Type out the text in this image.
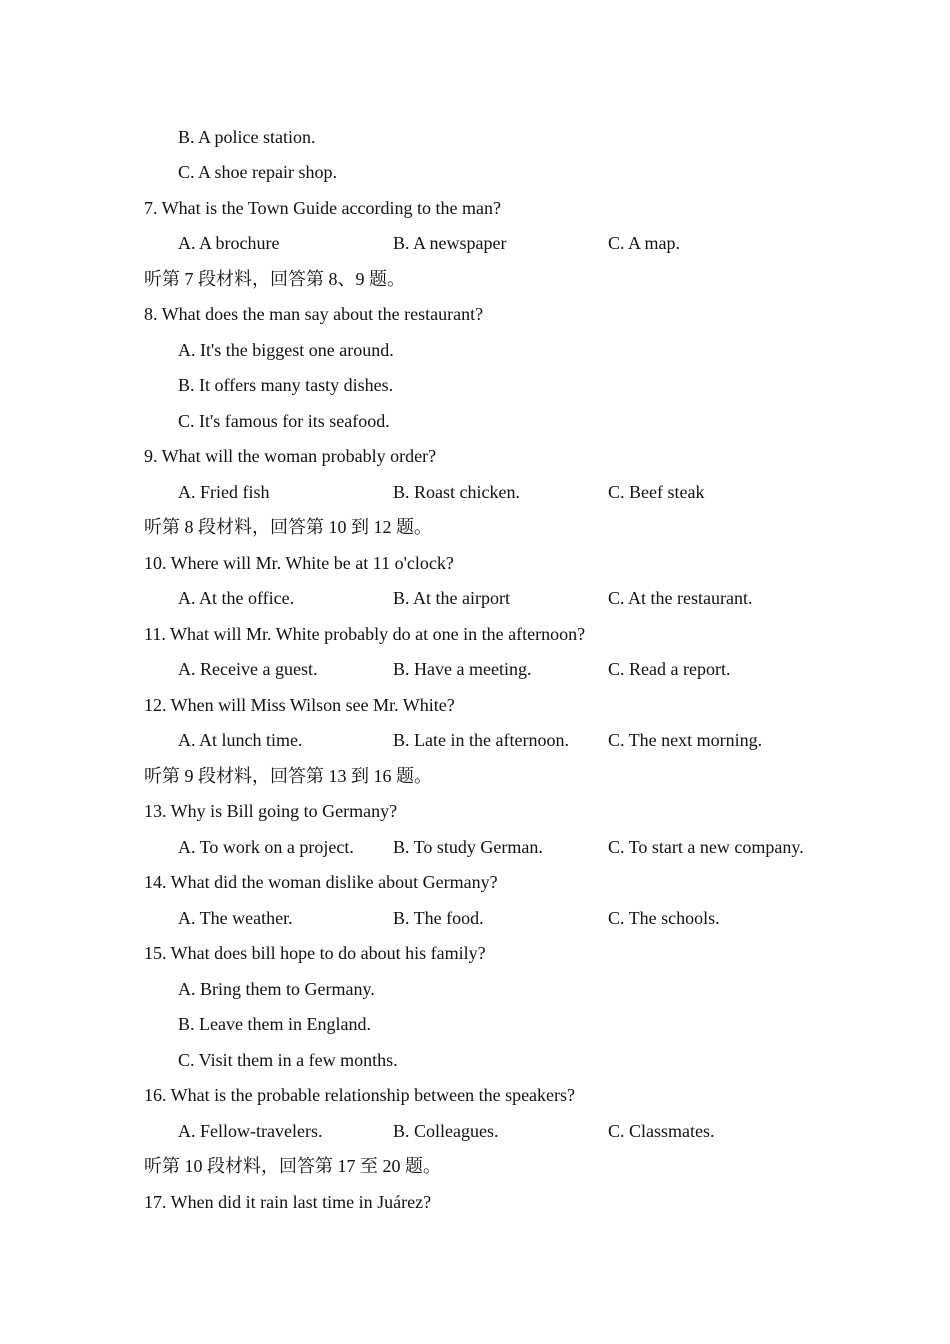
B. A police station.
C. A shoe repair shop.
7. What is the Town Guide according to the man?
A. A brochure	B. A newspaper	C. A map.
听第 7 段材料，回答第 8、9 题。
8. What does the man say about the restaurant?
A. It's the biggest one around.
B. It offers many tasty dishes.
C. It's famous for its seafood.
9. What will the woman probably order?
A. Fried fish	B. Roast chicken.	C. Beef steak
听第 8 段材料，回答第 10 到 12 题。
10. Where will Mr. White be at 11 o'clock?
A. At the office.	B. At the airport	C. At the restaurant.
11. What will Mr. White probably do at one in the afternoon?
A. Receive a guest.	B. Have a meeting.	C. Read a report.
12. When will Miss Wilson see Mr. White?
A. At lunch time.	B. Late in the afternoon. C. The next morning.
听第 9 段材料，回答第 13 到 16 题。
13. Why is Bill going to Germany?
A. To work on a project. B. To study German.	C. To start a new company.
14. What did the woman dislike about Germany?
A. The weather.	B. The food.	C. The schools.
15. What does bill hope to do about his family?
A. Bring them to Germany.
B. Leave them in England.
C. Visit them in a few months.
16. What is the probable relationship between the speakers?
A. Fellow-travelers.	B. Colleagues.	C. Classmates.
听第 10 段材料，回答第 17 至 20 题。
17. When did it rain last time in Juárez?
